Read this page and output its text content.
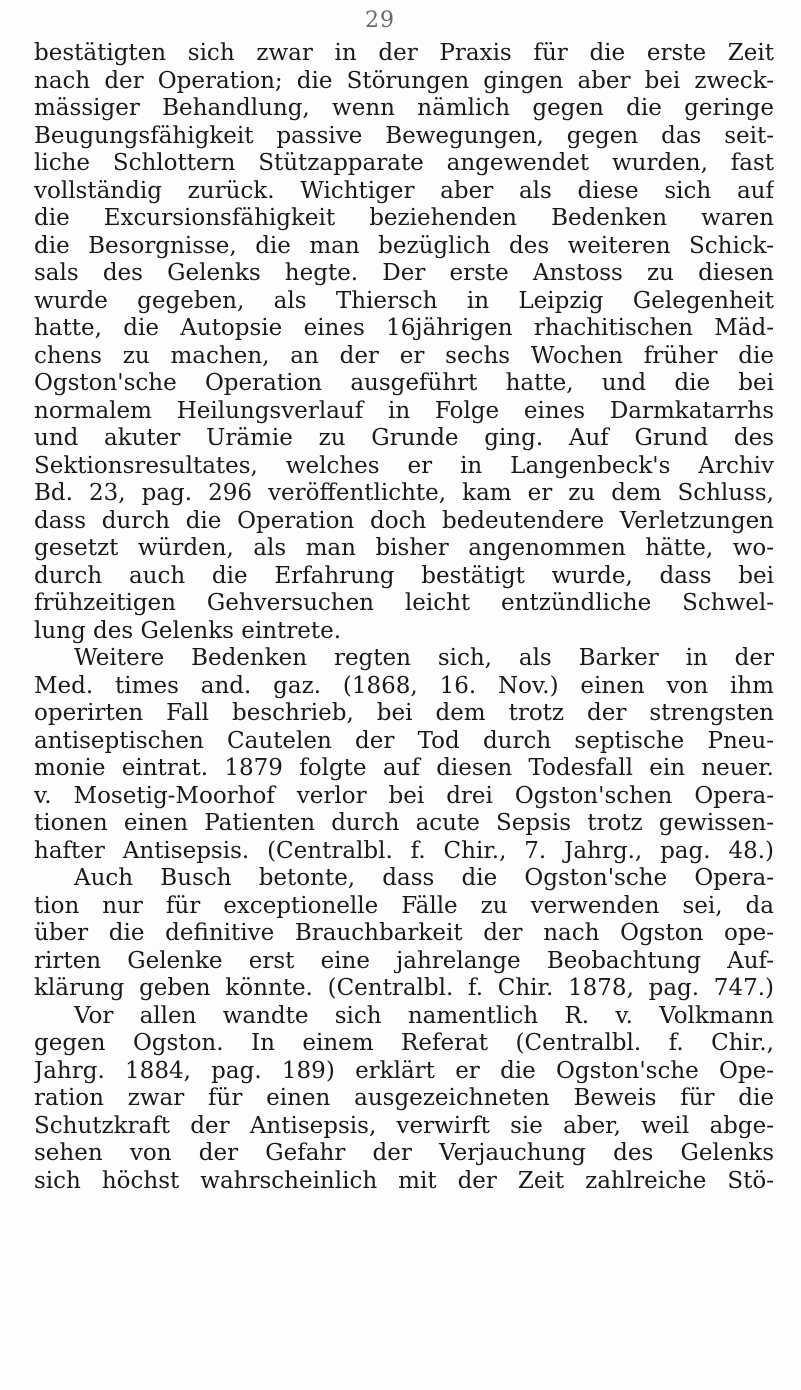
29
bestätigten sich zwar in der Praxis für die erste Zeit
nach der Operation; die Störungen gingen aber bei zweck-
mässiger Behandlung, wenn nämlich gegen die geringe
Beugungsfähigkeit passive Bewegungen, gegen das seit-
liche Schlottern Stützapparate angewendet wurden, fast
vollständig zurück. Wichtiger aber als diese sich auf
die Excursionsfähigkeit beziehenden Bedenken waren
die Besorgnisse, die man bezüglich des weiteren Schick-
sals des Gelenks hegte. Der erste Anstoss zu diesen
wurde gegeben, als Thiersch in Leipzig Gelegenheit
hatte, die Autopsie eines 16jährigen rhachitischen Mäd-
chens zu machen, an der er sechs Wochen früher die
Ogston'sche Operation ausgeführt hatte, und die bei
normalem Heilungsverlauf in Folge eines Darmkatarrhs
und akuter Urämie zu Grunde ging. Auf Grund des
Sektionsresultates, welches er in Langenbeck's Archiv
Bd. 23, pag. 296 veröffentlichte, kam er zu dem Schluss,
dass durch die Operation doch bedeutendere Verletzungen
gesetzt würden, als man bisher angenommen hätte, wo-
durch auch die Erfahrung bestätigt wurde, dass bei
frühzeitigen Gehversuchen leicht entzündliche Schwel-
lung des Gelenks eintrete.
Weitere Bedenken regten sich, als Barker in der
Med. times and. gaz. (1868, 16. Nov.) einen von ihm
operirten Fall beschrieb, bei dem trotz der strengsten
antiseptischen Cautelen der Tod durch septische Pneu-
monie eintrat. 1879 folgte auf diesen Todesfall ein neuer.
v. Mosetig-Moorhof verlor bei drei Ogston'schen Opera-
tionen einen Patienten durch acute Sepsis trotz gewissen-
hafter Antisepsis. (Centralbl. f. Chir., 7. Jahrg., pag. 48.)
Auch Busch betonte, dass die Ogston'sche Opera-
tion nur für exceptionelle Fälle zu verwenden sei, da
über die definitive Brauchbarkeit der nach Ogston ope-
rirten Gelenke erst eine jahrelange Beobachtung Auf-
klärung geben könnte. (Centralbl. f. Chir. 1878, pag. 747.)
Vor allen wandte sich namentlich R. v. Volkmann
gegen Ogston. In einem Referat (Centralbl. f. Chir.,
Jahrg. 1884, pag. 189) erklärt er die Ogston'sche Ope-
ration zwar für einen ausgezeichneten Beweis für die
Schutzkraft der Antisepsis, verwirft sie aber, weil abge-
sehen von der Gefahr der Verjauchung des Gelenks
sich höchst wahrscheinlich mit der Zeit zahlreiche Stö-
